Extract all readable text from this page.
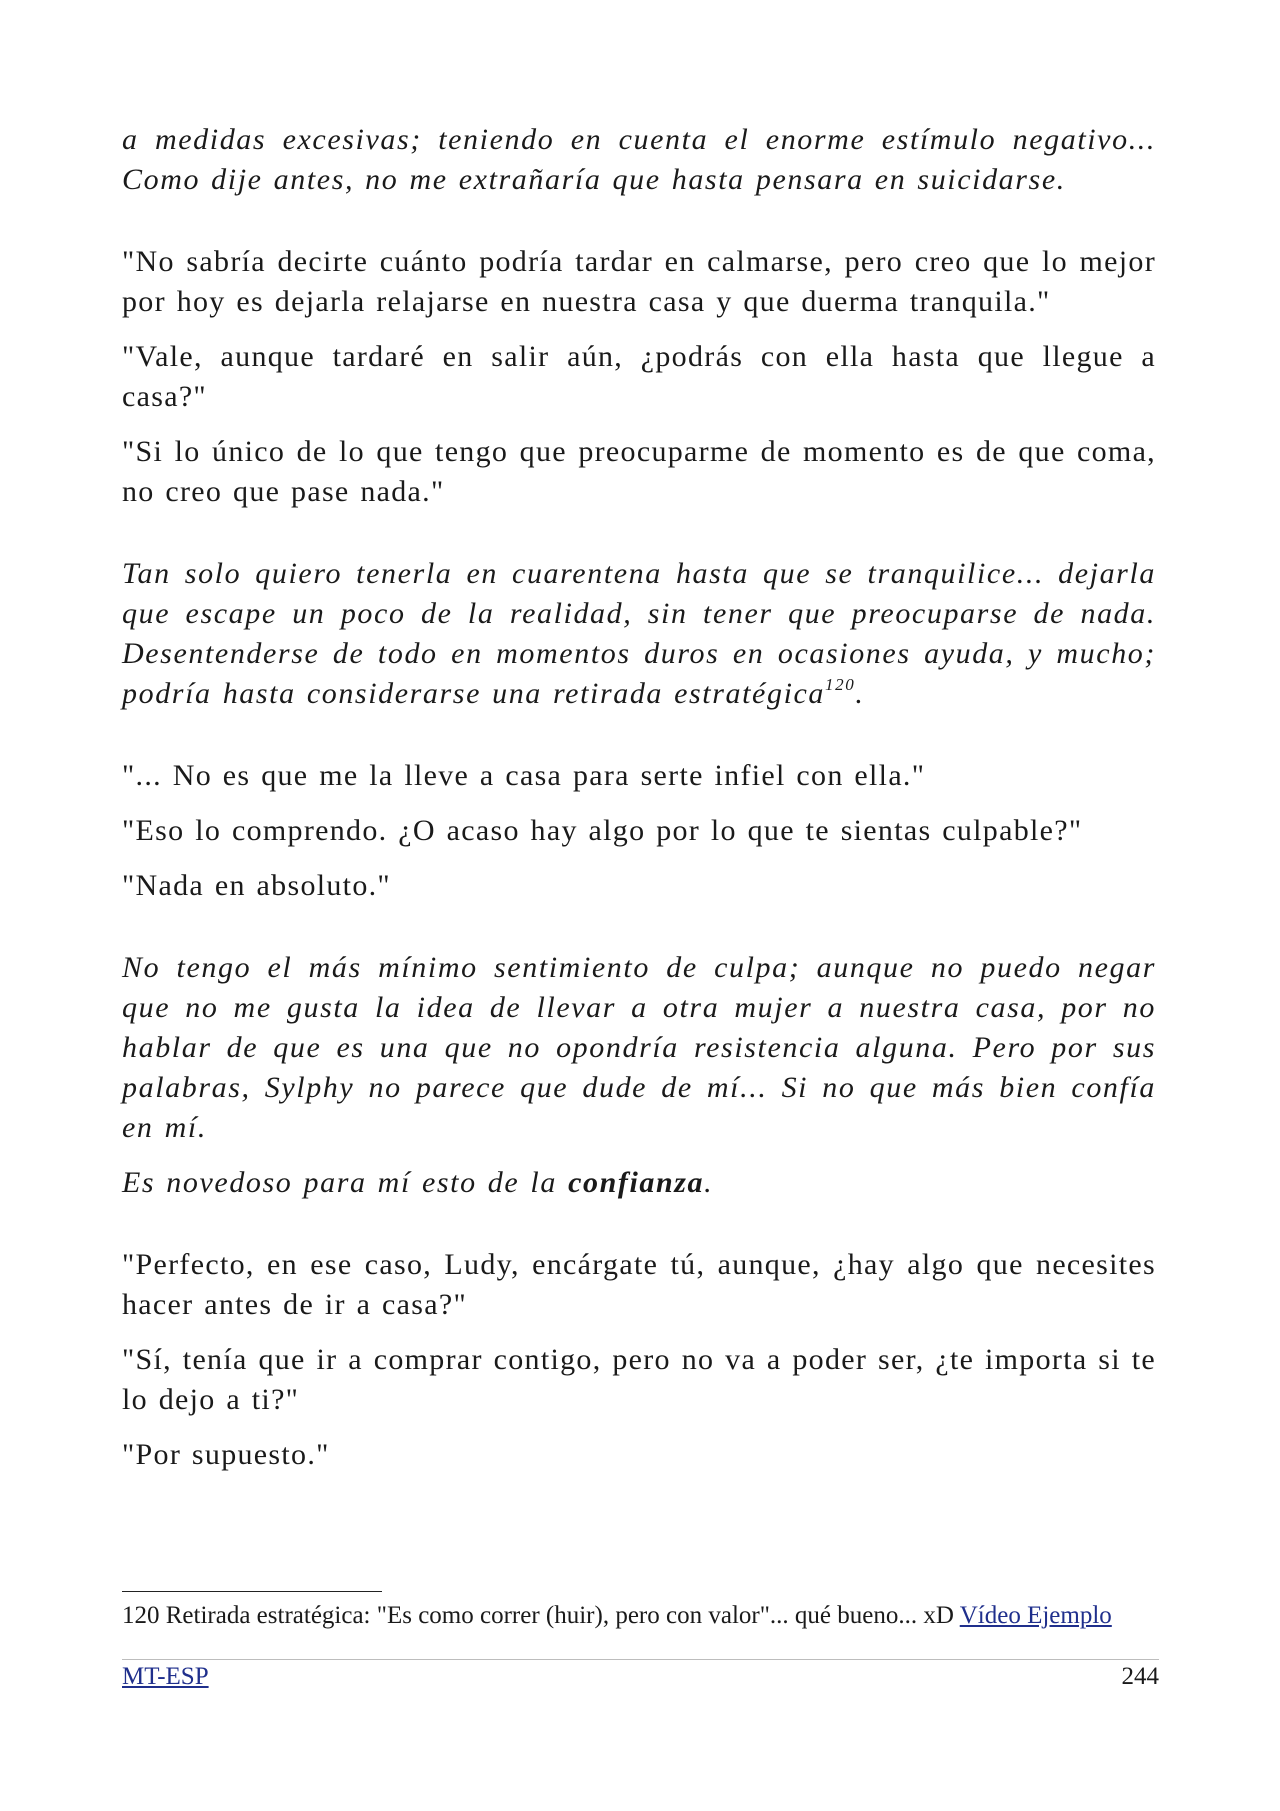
a medidas excesivas; teniendo en cuenta el enorme estímulo negativo... Como dije antes, no me extrañaría que hasta pensara en suicidarse.

"No sabría decirte cuánto podría tardar en calmarse, pero creo que lo mejor por hoy es dejarla relajarse en nuestra casa y que duerma tranquila."

"Vale, aunque tardaré en salir aún, ¿podrás con ella hasta que llegue a casa?"

"Si lo único de lo que tengo que preocuparme de momento es de que coma, no creo que pase nada."

Tan solo quiero tenerla en cuarentena hasta que se tranquilice... dejarla que escape un poco de la realidad, sin tener que preocuparse de nada. Desentenderse de todo en momentos duros en ocasiones ayuda, y mucho; podría hasta considerarse una retirada estratégica$^{120}$.

"... No es que me la lleve a casa para serte infiel con ella."

"Eso lo comprendo. ¿O acaso hay algo por lo que te sientas culpable?"

"Nada en absoluto."

No tengo el más mínimo sentimiento de culpa; aunque no puedo negar que no me gusta la idea de llevar a otra mujer a nuestra casa, por no hablar de que es una que no opondría resistencia alguna. Pero por sus palabras, Sylphy no parece que dude de mí... Si no que más bien confía en mí.

Es novedoso para mí esto de la confianza.

"Perfecto, en ese caso, Ludy, encárgate tú, aunque, ¿hay algo que necesites hacer antes de ir a casa?"

"Sí, tenía que ir a comprar contigo, pero no va a poder ser, ¿te importa si te lo dejo a ti?"

"Por supuesto."

120 Retirada estratégica: "Es como correr (huir), pero con valor"... qué bueno... xD Vídeo Ejemplo
MT-ESP	244
